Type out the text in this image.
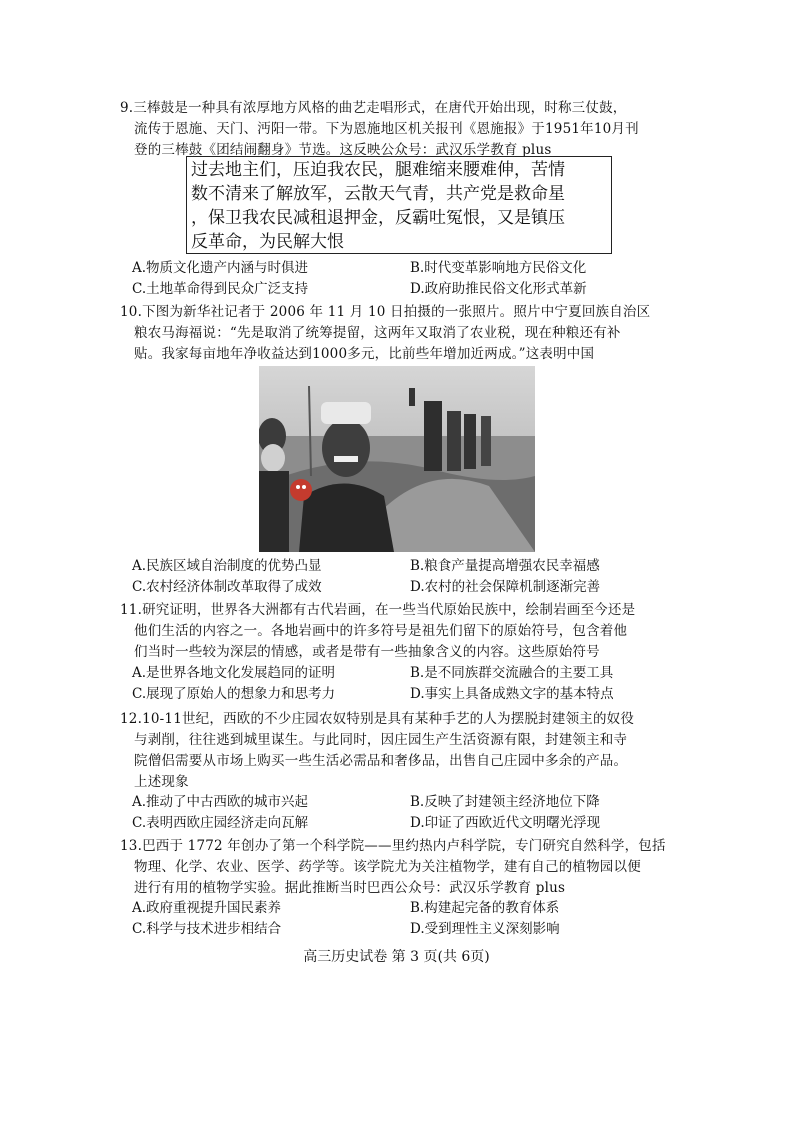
9.三棒鼓是一种具有浓厚地方风格的曲艺走唱形式，在唐代开始出现，时称三仗鼓，

流传于恩施、天门、沔阳一带。下为恩施地区机关报刊《恩施报》于1951年10月刊

登的三棒鼓《团结闹翻身》节选。这反映公众号：武汉乐学教育 plus

过去地主们，压迫我农民，腿难缩来腰难伸，苦情
数不清来了解放军，云散天气青，共产党是救命星
，保卫我农民减租退押金，反霸吐冤恨，又是镇压
反革命，为民解大恨
A.物质文化遗产内涵与时俱进	B.时代变革影响地方民俗文化
C.土地革命得到民众广泛支持	D.政府助推民俗文化形式革新

10.下图为新华社记者于 2006 年 11 月 10 日拍摄的一张照片。照片中宁夏回族自治区

粮农马海福说：“先是取消了统筹提留，这两年又取消了农业税，现在种粮还有补

贴。我家每亩地年净收益达到1000多元，比前些年增加近两成。”这表明中国

A.民族区域自治制度的优势凸显	B.粮食产量提高增强农民幸福感
C.农村经济体制改革取得了成效	D.农村的社会保障机制逐渐完善

11.研究证明，世界各大洲都有古代岩画，在一些当代原始民族中，绘制岩画至今还是

他们生活的内容之一。各地岩画中的许多符号是祖先们留下的原始符号，包含着他

们当时一些较为深层的情感，或者是带有一些抽象含义的内容。这些原始符号

A.是世界各地文化发展趋同的证明	B.是不同族群交流融合的主要工具
C.展现了原始人的想象力和思考力	D.事实上具备成熟文字的基本特点

12.10-11世纪，西欧的不少庄园农奴特别是具有某种手艺的人为摆脱封建领主的奴役

与剥削，往往逃到城里谋生。与此同时，因庄园生产生活资源有限，封建领主和寺

院僧侣需要从市场上购买一些生活必需品和奢侈品，出售自己庄园中多余的产品。

上述现象

A.推动了中古西欧的城市兴起	B.反映了封建领主经济地位下降
C.表明西欧庄园经济走向瓦解	D.印证了西欧近代文明曙光浮现

13.巴西于 1772 年创办了第一个科学院——里约热内卢科学院，专门研究自然科学，包括

物理、化学、农业、医学、药学等。该学院尤为关注植物学，建有自己的植物园以便

进行有用的植物学实验。据此推断当时巴西公众号：武汉乐学教育 plus

A.政府重视提升国民素养	B.构建起完备的教育体系
C.科学与技术进步相结合	D.受到理性主义深刻影响
高三历史试卷 第 3 页(共 6页)
